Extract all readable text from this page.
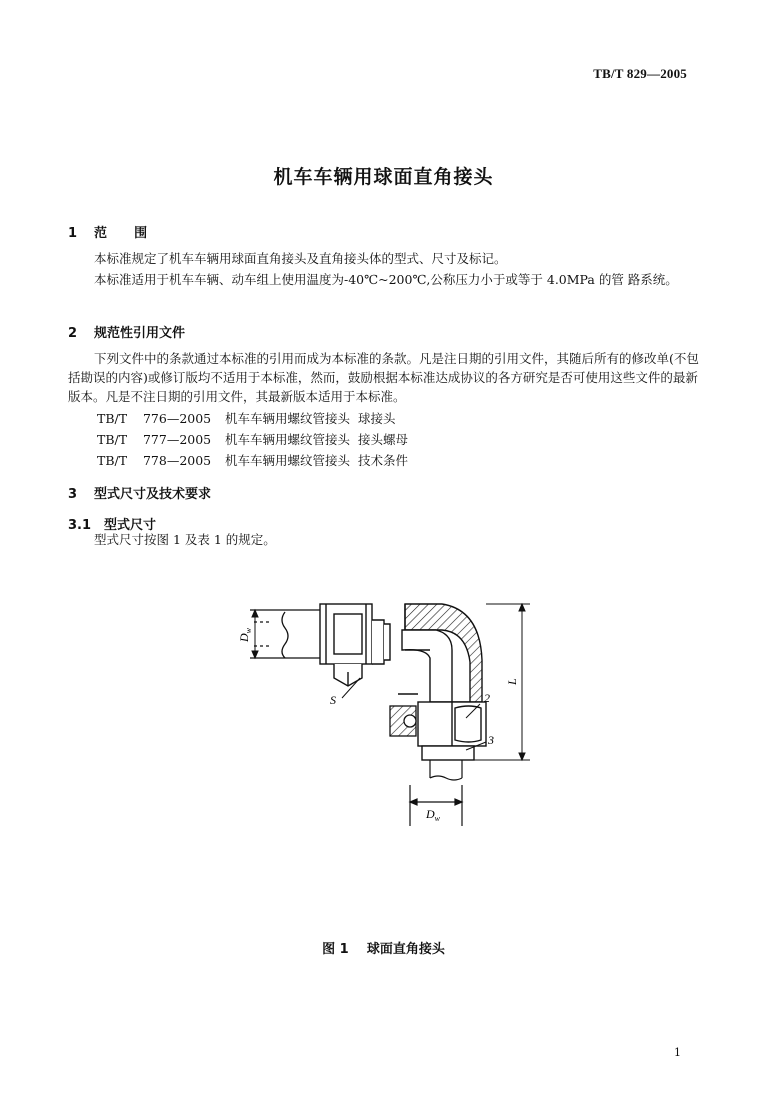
TB/T 829—2005
机车车辆用球面直角接头
1 范      围
本标准规定了机车车辆用球面直角接头及直角接头体的型式、尺寸及标记。
本标准适用于机车车辆、动车组上使用温度为-40℃~200℃,公称压力小于或等于 4.0MPa 的管 路系统。
2 规范性引用文件
下列文件中的条款通过本标准的引用而成为本标准的条款。凡是注日期的引用文件，其随后所有的修改单(不包括勘误的内容)或修订版均不适用于本标准，然而，鼓励根据本标准达成协议的各方研究是否可使用这些文件的最新版本。凡是不注日期的引用文件，其最新版本适用于本标准。
TB/T    776—2005 机车车辆用螺纹管接头  球接头
TB/T    777—2005 机车车辆用螺纹管接头  接头螺母
TB/T    778—2005 机车车辆用螺纹管接头  技术条件
3 型式尺寸及技术要求
3.1 型式尺寸
型式尺寸按图 1 及表 1 的规定。
$D_w$
$D_w$
L
S	2
3
图 1    球面直角接头
1
